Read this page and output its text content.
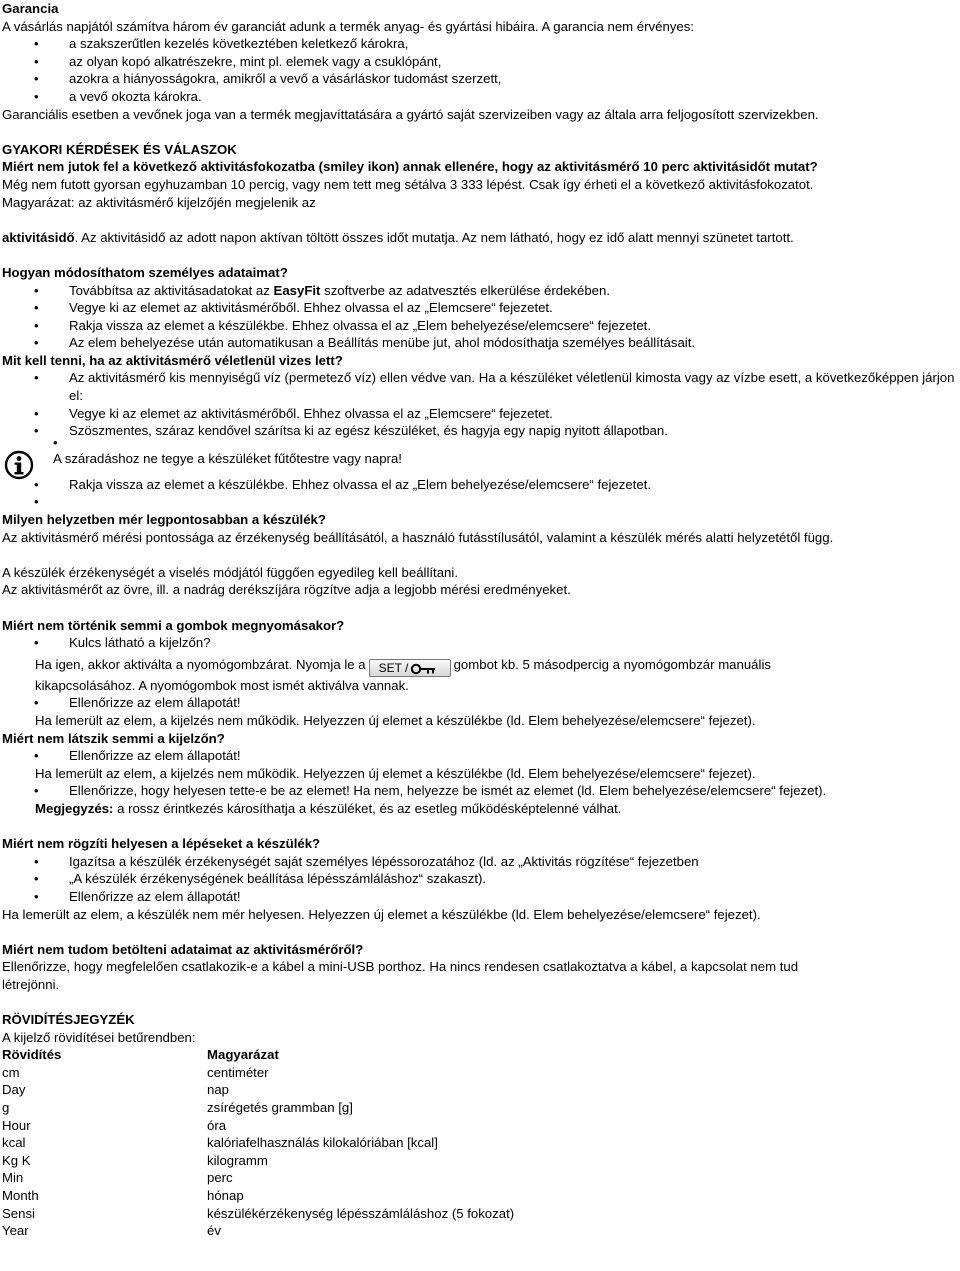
Garancia
A vásárlás napjától számítva három év garanciát adunk a termék anyag- és gyártási hibáira. A garancia nem érvényes:
• a szakszerűtlen kezelés következtében keletkező károkra,
• az olyan kopó alkatrészekre, mint pl. elemek vagy a csuklópánt,
• azokra a hiányosságokra, amikről a vevő a vásárláskor tudomást szerzett,
• a vevő okozta károkra.
Garanciális esetben a vevőnek joga van a termék megjavíttatására a gyártó saját szervizeiben vagy az általa arra feljogosított szervizekben.
GYAKORI KÉRDÉSEK ÉS VÁLASZOK
Miért nem jutok fel a következő aktivitásfokozatba (smiley ikon) annak ellenére, hogy az aktivitásmérő 10 perc aktivitásidőt mutat?
Még nem futott gyorsan egyhuzamban 10 percig, vagy nem tett meg sétálva 3 333 lépést. Csak így érheti el a következő aktivitásfokozatot.
Magyarázat: az aktivitásmérő kijelzőjén megjelenik az
aktivitásidő. Az aktivitásidő az adott napon aktívan töltött összes időt mutatja. Az nem látható, hogy ez idő alatt mennyi szünetet tartott.
Hogyan módosíthatom személyes adataimat?
• Továbbítsa az aktivitásadatokat az EasyFit szoftverbe az adatvesztés elkerülése érdekében.
• Vegye ki az elemet az aktivitásmérőből. Ehhez olvassa el az „Elemcsere“ fejezetet.
• Rakja vissza az elemet a készülékbe. Ehhez olvassa el az „Elem behelyezése/elemcsere“ fejezetet.
• Az elem behelyezése után automatikusan a Beállítás menübe jut, ahol módosíthatja személyes beállításait.
Mit kell tenni, ha az aktivitásmérő véletlenül vizes lett?
• Az aktivitásmérő kis mennyiségű víz (permetező víz) ellen védve van. Ha a készüléket véletlenül kimosta vagy az vízbe esett, a következőképpen járjon el:
• Vegye ki az elemet az aktivitásmérőből. Ehhez olvassa el az „Elemcsere“ fejezetet.
• Szöszmentes, száraz kendővel szárítsa ki az egész készüléket, és hagyja egy napig nyitott állapotban.
•
A száradáshoz ne tegye a készüléket fűtőtestre vagy napra!
• Rakja vissza az elemet a készülékbe. Ehhez olvassa el az „Elem behelyezése/elemcsere“ fejezetet.
•
Milyen helyzetben mér legpontosabban a készülék?
Az aktivitásmérő mérési pontossága az érzékenység beállításától, a használó futásstílusától, valamint a készülék mérés alatti helyzetétől függ.
A készülék érzékenységét a viselés módjától függően egyedileg kell beállítani.
Az aktivitásmérőt az övre, ill. a nadrág derékszíjára rögzítve adja a legjobb mérési eredményeket.
Miért nem történik semmi a gombok megnyomásakor?
• Kulcs látható a kijelzőn?
Ha igen, akkor aktiválta a nyomógombzárat. Nyomja le a SET /	gombot kb. 5 másodpercig a nyomógombzár manuális
kikapcsolásához. A nyomógombok most ismét aktiválva vannak.
• Ellenőrizze az elem állapotát!
Ha lemerült az elem, a kijelzés nem működik. Helyezzen új elemet a készülékbe (ld. Elem behelyezése/elemcsere“ fejezet).
Miért nem látszik semmi a kijelzőn?
• Ellenőrizze az elem állapotát!
Ha lemerült az elem, a kijelzés nem működik. Helyezzen új elemet a készülékbe (ld. Elem behelyezése/elemcsere“ fejezet).
• Ellenőrizze, hogy helyesen tette-e be az elemet! Ha nem, helyezze be ismét az elemet (ld. Elem behelyezése/elemcsere“ fejezet).
Megjegyzés: a rossz érintkezés károsíthatja a készüléket, és az esetleg működésképtelenné válhat.
Miért nem rögzíti helyesen a lépéseket a készülék?
• Igazítsa a készülék érzékenységét saját személyes lépéssorozatához (ld. az „Aktivitás rögzítése“ fejezetben
• „A készülék érzékenységének beállítása lépésszámláláshoz“ szakaszt).
• Ellenőrizze az elem állapotát!
Ha lemerült az elem, a készülék nem mér helyesen. Helyezzen új elemet a készülékbe (ld. Elem behelyezése/elemcsere“ fejezet).
Miért nem tudom betölteni adataimat az aktivitásmérőről?
Ellenőrizze, hogy megfelelően csatlakozik-e a kábel a mini-USB porthoz. Ha nincs rendesen csatlakoztatva a kábel, a kapcsolat nem tud
létrejönni.
RÖVIDÍTÉSJEGYZÉK
A kijelző rövidítései betűrendben:
Rövidítés	Magyarázat
cm	centiméter
Day	nap
g	zsírégetés grammban [g]
Hour	óra
kcal	kalóriafelhasználás kilokalóriában [kcal]
Kg K	kilogramm
Min	perc
Month	hónap
Sensi	készülékérzékenység lépésszámláláshoz (5 fokozat)
Year	év
